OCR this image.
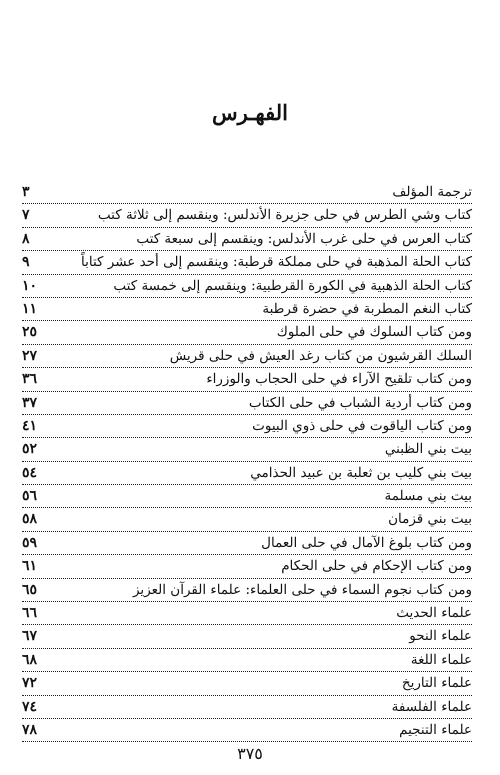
الفهـرس
ترجمة المؤلف
٣
كتاب وشي الطرس في حلى جزيرة الأندلس: وينقسم إلى ثلاثة كتب
٧
كتاب العرس في حلى غرب الأندلس: وينقسم إلى سبعة كتب
٨
كتاب الحلة المذهبة في حلى مملكة قرطبة: وينقسم إلى أحد عشر كتاباً
٩
كتاب الحلة الذهبية في الكورة القرطبية: وينقسم إلى خمسة كتب
١٠
كتاب النغم المطربة في حضرة قرطبة
١١
ومن كتاب السلوك في حلى الملوك
٢٥
السلك القرشيون من كتاب رغد العيش في حلى قريش
٢٧
ومن كتاب تلقيح الآراء في حلى الحجاب والوزراء
٣٦
ومن كتاب أردية الشباب في حلى الكتاب
٣٧
ومن كتاب الياقوت في حلى ذوي البيوت
٤١
بيت بني الظبني
٥٢
بيت بني كليب بن ثعلبة بن عبيد الحذامي
٥٤
بيت بني مسلمة
٥٦
بيت بني قزمان
٥٨
ومن كتاب بلوغ الآمال في حلى العمال
٥٩
ومن كتاب الإحكام في حلى الحكام
٦١
ومن كتاب نجوم السماء في حلى العلماء: علماء القرآن العزيز
٦٥
علماء الحديث
٦٦
علماء النحو
٦٧
علماء اللغة
٦٨
علماء التاريخ
٧٢
علماء الفلسفة
٧٤
علماء التنجيم
٧٨
٣٧٥
